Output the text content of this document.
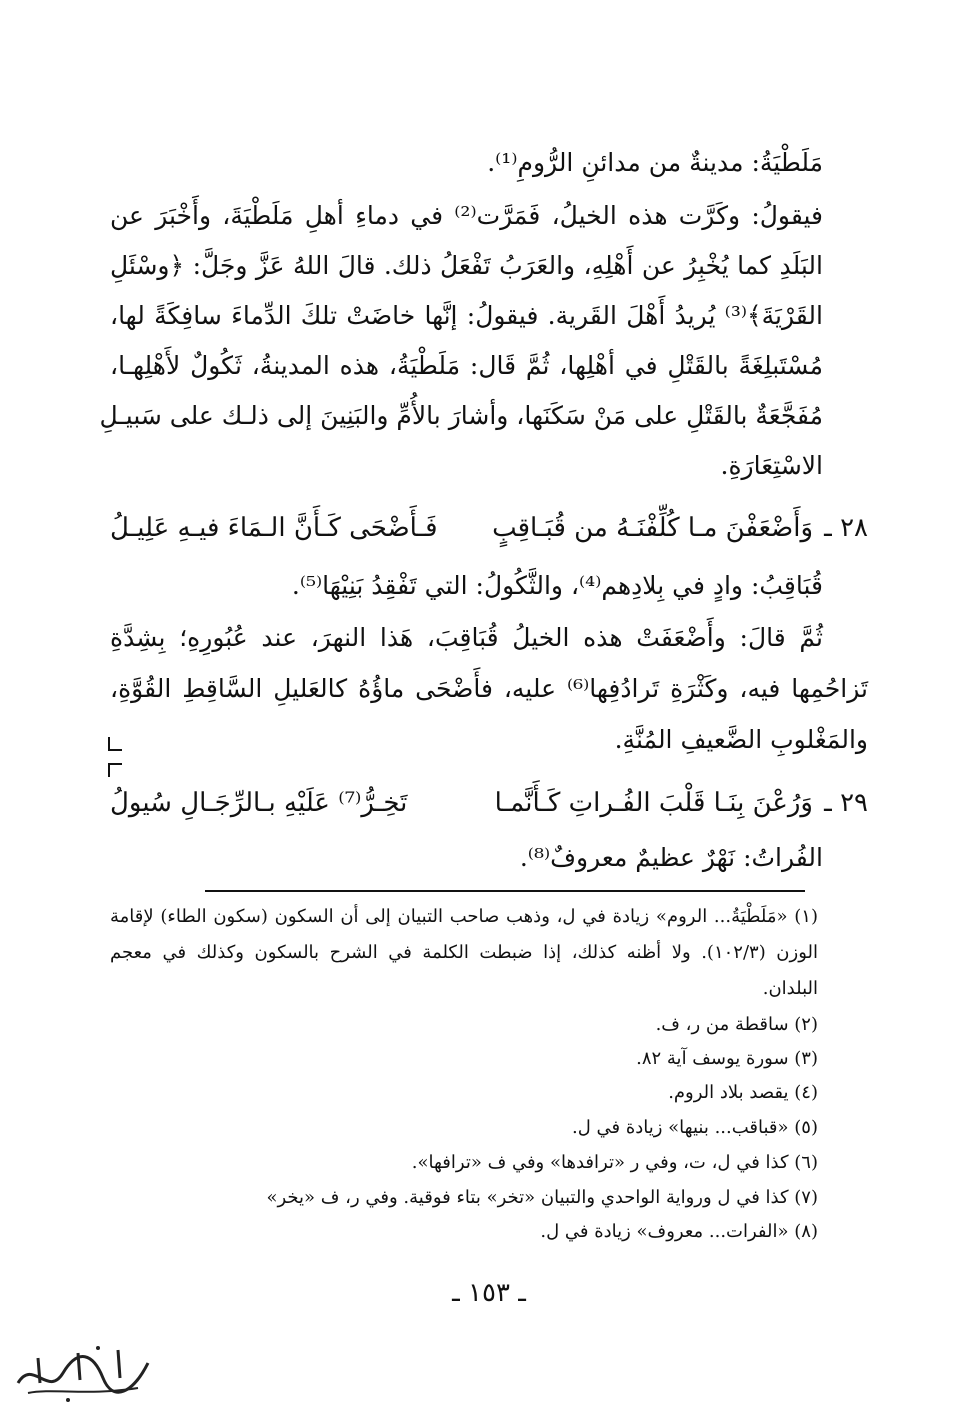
مَلَطْيَةُ: مدينةٌ من مدائنِ الرُّومِ⁽¹⁾.
فيقولُ: وكَرَّت هذه الخيلُ، فَمَرَّت⁽²⁾ في دماءِ أهلِ مَلَطْيَةَ، وأَخْبَرَ عن
البَلَدِ كما يُخْبِرُ عن أَهْلِهِ، والعَرَبُ تَفْعَلُ ذلك. قالَ اللهُ عَزَّ وجَلَّ: ﴿وسْئَلِ
القَرْيَةَ﴾⁽³⁾ يُريدُ أَهْلَ القَرية. فيقولُ: إنَّها خاضَتْ تلكَ الدِّماءَ سافِكَةً لها،
مُسْتَبلِغَةً بالقَتْلِ في أهْلِها، ثُمَّ قَال: مَلَطْيَةُ، هذه المدينةُ، ثَكُولٌ لأَهْلِهـا،
مُفَجَّعَةٌ بالقَتْلِ على مَنْ سَكَنَها، وأشارَ بالأُمِّ والبَنِينَ إلى ذلـك على سَبيـلِ
الاسْتِعَارَةِ.
٢٨ ـ
وَأَضْعَفْنَ مـا كُلِّفْنَـهُ من قُبَـاقِبٍ
فَـأَضْحَى كَـأَنَّ الـمَاءَ فيـهِ عَلِيـلُ
قُبَاقِبُ: وادٍ في بِلادِهم⁽⁴⁾، والثَّكُولُ: التي تَفْقِدُ بَنِيْهَا⁽⁵⁾.
ثُمَّ قالَ: وأَضْعَفَتْ هذه الخيلُ قُبَاقِبَ، هَذا النهرَ، عند عُبُورِهِ؛ بِشِدَّةِ
تَزاحُمِها فيه، وكَثْرَةِ تَرادُفِها⁽⁶⁾ عليه، فأَضْحَى ماؤُهُ كالعَليلِ السَّاقِطِ القُوَّةِ،
والمَغْلوبِ الضَّعيفِ المُنَّةِ.
٢٩ ـ
وَرُعْنَ بِنَـا قَلْبَ الفُـراتِ كَـأَنَّمـا
تَخِـرُّ⁽⁷⁾ عَلَيْهِ بـالرِّجَـالِ سُيولُ
الفُراتُ: نَهْرٌ عظيمٌ معروفٌ⁽⁸⁾.
(١) «مَلَطْيَةُ... الروم» زيادة في ل، وذهب صاحب التبيان إلى أن السكون (سكون الطاء) لإقامة
الوزن (١٠٢/٣). ولا أظنه كذلك، إذا ضبطت الكلمة في الشرح بالسكون وكذلك في معجم
البلدان.
(٢) ساقطة من ر، ف.
(٣) سورة يوسف آية ٨٢.
(٤) يقصد بلاد الروم.
(٥) «قباقب... بنيها» زيادة في ل.
(٦) كذا في ل، ت، وفي ر «ترافدها» وفي ف «ترافها».
(٧) كذا في ل ورواية الواحدي والتبيان «تخر» بتاء فوقية. وفي ر، ف «يخر»
(٨) «الفرات... معروف» زيادة في ل.
ـ ١٥٣ ـ
